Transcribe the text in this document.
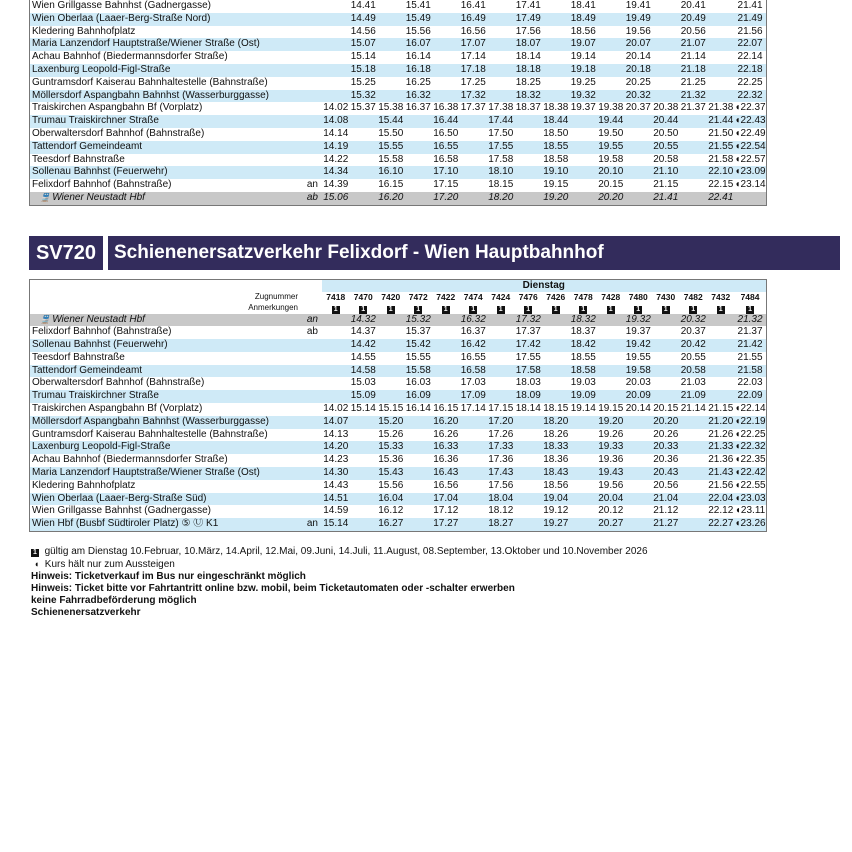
Wien Grillgasse Bahnhst (Gadnergasse)			14.41		15.41		16.41		17.41		18.41		19.41		20.41		21.41
Wien Oberlaa (Laaer-Berg-Straße Nord)			14.49		15.49		16.49		17.49		18.49		19.49		20.49		21.49
Kledering Bahnhofplatz			14.56		15.56		16.56		17.56		18.56		19.56		20.56		21.56
Maria Lanzendorf Hauptstraße/Wiener Straße (Ost)			15.07		16.07		17.07		18.07		19.07		20.07		21.07		22.07
Achau Bahnhof (Biedermannsdorfer Straße)			15.14		16.14		17.14		18.14		19.14		20.14		21.14		22.14
Laxenburg Leopold-Figl-Straße			15.18		16.18		17.18		18.18		19.18		20.18		21.18		22.18
Guntramsdorf Kaiserau Bahnhaltestelle (Bahnstraße)			15.25		16.25		17.25		18.25		19.25		20.25		21.25		22.25
Möllersdorf Aspangbahn Bahnhst (Wasserburggasse)			15.32		16.32		17.32		18.32		19.32		20.32		21.32		22.32
Traiskirchen Aspangbahn Bf (Vorplatz)		14.02	15.37	15.38	16.37	16.38	17.37	17.38	18.37	18.38	19.37	19.38	20.37	20.38	21.37	21.38	◖22.37
Trumau Traiskirchner Straße		14.08		15.44		16.44		17.44		18.44		19.44		20.44		21.44	◖22.43
Oberwaltersdorf Bahnhof (Bahnstraße)		14.14		15.50		16.50		17.50		18.50		19.50		20.50		21.50	◖22.49
Tattendorf Gemeindeamt		14.19		15.55		16.55		17.55		18.55		19.55		20.55		21.55	◖22.54
Teesdorf Bahnstraße		14.22		15.58		16.58		17.58		18.58		19.58		20.58		21.58	◖22.57
Sollenau Bahnhst (Feuerwehr)		14.34		16.10		17.10		18.10		19.10		20.10		21.10		22.10	◖23.09
Felixdorf Bahnhof (Bahnstraße)	an	14.39		16.15		17.15		18.15		19.15		20.15		21.15		22.15	◖23.14
🚆 Wiener Neustadt Hbf	ab	15.06		16.20		17.20		18.20		19.20		20.20		21.41		22.41	
SV720 Schienenersatzverkehr Felixdorf - Wien Hauptbahnhof
		Dienstag															
Zugnummer		7418	7470	7420	7472	7422	7474	7424	7476	7426	7478	7428	7480	7430	7482	7432	7484
Anmerkungen		1	1	1	1	1	1	1	1	1	1	1	1	1	1	1	1
🚆 Wiener Neustadt Hbf	an		14.32		15.32		16.32		17.32		18.32		19.32		20.32		21.32
Felixdorf Bahnhof (Bahnstraße)	ab		14.37		15.37		16.37		17.37		18.37		19.37		20.37		21.37
Sollenau Bahnhst (Feuerwehr)			14.42		15.42		16.42		17.42		18.42		19.42		20.42		21.42
Teesdorf Bahnstraße			14.55		15.55		16.55		17.55		18.55		19.55		20.55		21.55
Tattendorf Gemeindeamt			14.58		15.58		16.58		17.58		18.58		19.58		20.58		21.58
Oberwaltersdorf Bahnhof (Bahnstraße)			15.03		16.03		17.03		18.03		19.03		20.03		21.03		22.03
Trumau Traiskirchner Straße			15.09		16.09		17.09		18.09		19.09		20.09		21.09		22.09
Traiskirchen Aspangbahn Bf (Vorplatz)		14.02	15.14	15.15	16.14	16.15	17.14	17.15	18.14	18.15	19.14	19.15	20.14	20.15	21.14	21.15	◖22.14
Möllersdorf Aspangbahn Bahnhst (Wasserburggasse)		14.07		15.20		16.20		17.20		18.20		19.20		20.20		21.20	◖22.19
Guntramsdorf Kaiserau Bahnhaltestelle (Bahnstraße)		14.13		15.26		16.26		17.26		18.26		19.26		20.26		21.26	◖22.25
Laxenburg Leopold-Figl-Straße		14.20		15.33		16.33		17.33		18.33		19.33		20.33		21.33	◖22.32
Achau Bahnhof (Biedermannsdorfer Straße)		14.23		15.36		16.36		17.36		18.36		19.36		20.36		21.36	◖22.35
Maria Lanzendorf Hauptstraße/Wiener Straße (Ost)		14.30		15.43		16.43		17.43		18.43		19.43		20.43		21.43	◖22.42
Kledering Bahnhofplatz		14.43		15.56		16.56		17.56		18.56		19.56		20.56		21.56	◖22.55
Wien Oberlaa (Laaer-Berg-Straße Süd)		14.51		16.04		17.04		18.04		19.04		20.04		21.04		22.04	◖23.03
Wien Grillgasse Bahnhst (Gadnergasse)		14.59		16.12		17.12		18.12		19.12		20.12		21.12		22.12	◖23.11
Wien Hbf (Busbf Südtiroler Platz) ⑤ Ⓤ K1	an	15.14		16.27		17.27		18.27		19.27		20.27		21.27		22.27	◖23.26
1 gültig am Dienstag 10.Februar, 10.März, 14.April, 12.Mai, 09.Juni, 14.Juli, 11.August, 08.September, 13.Oktober und 10.November 2026
◖ Kurs hält nur zum Aussteigen
Hinweis: Ticketverkauf im Bus nur eingeschränkt möglich
Hinweis: Ticket bitte vor Fahrtantritt online bzw. mobil, beim Ticketautomaten oder -schalter erwerben
keine Fahrradbeförderung möglich
Schienenersatzverkehr
